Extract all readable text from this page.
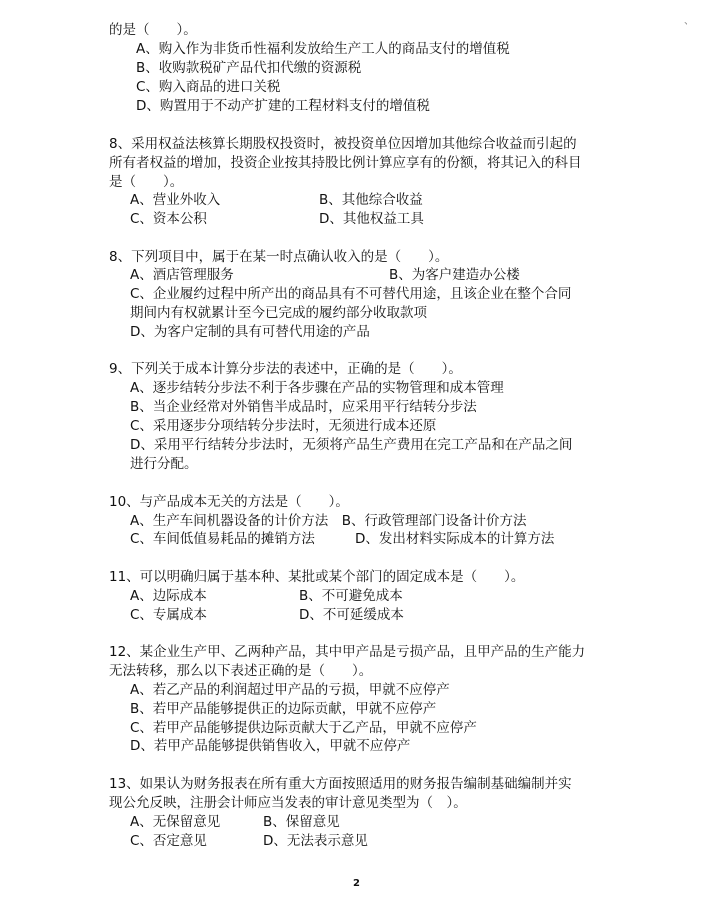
、
的是（　　）。
A、购入作为非货币性福利发放给生产工人的商品支付的增值税
B、收购款税矿产品代扣代缴的资源税
C、购入商品的进口关税
D、购置用于不动产扩建的工程材料支付的增值税
8、采用权益法核算长期股权投资时，被投资单位因增加其他综合收益而引起的
所有者权益的增加，投资企业按其持股比例计算应享有的份额，将其记入的科目
是（　　）。
A、营业外收入	B、其他综合收益
C、资本公积	D、其他权益工具
8、下列项目中，属于在某一时点确认收入的是（　　）。
A、酒店管理服务	B、为客户建造办公楼
C、企业履约过程中所产出的商品具有不可替代用途，且该企业在整个合同
期间内有权就累计至今已完成的履约部分收取款项
D、为客户定制的具有可替代用途的产品
9、下列关于成本计算分步法的表述中，正确的是（　　）。
A、逐步结转分步法不利于各步骤在产品的实物管理和成本管理
B、当企业经常对外销售半成品时，应采用平行结转分步法
C、采用逐步分项结转分步法时，无须进行成本还原
D、采用平行结转分步法时，无须将产品生产费用在完工产品和在产品之间
进行分配。
10、与产品成本无关的方法是（　　）。
A、生产车间机器设备的计价方法　B、行政管理部门设备计价方法
C、车间低值易耗品的摊销方法	D、发出材料实际成本的计算方法
11、可以明确归属于基本种、某批或某个部门的固定成本是（　　）。
A、边际成本	B、不可避免成本
C、专属成本	D、不可延缓成本
12、某企业生产甲、乙两种产品，其中甲产品是亏损产品，且甲产品的生产能力
无法转移，那么以下表述正确的是（　　）。
A、若乙产品的利润超过甲产品的亏损，甲就不应停产
B、若甲产品能够提供正的边际贡献，甲就不应停产
C、若甲产品能够提供边际贡献大于乙产品，甲就不应停产
D、若甲产品能够提供销售收入，甲就不应停产
13、如果认为财务报表在所有重大方面按照适用的财务报告编制基础编制并实
现公允反映，注册会计师应当发表的审计意见类型为（　）。
A、无保留意见	B、保留意见
C、否定意见	D、无法表示意见
2
